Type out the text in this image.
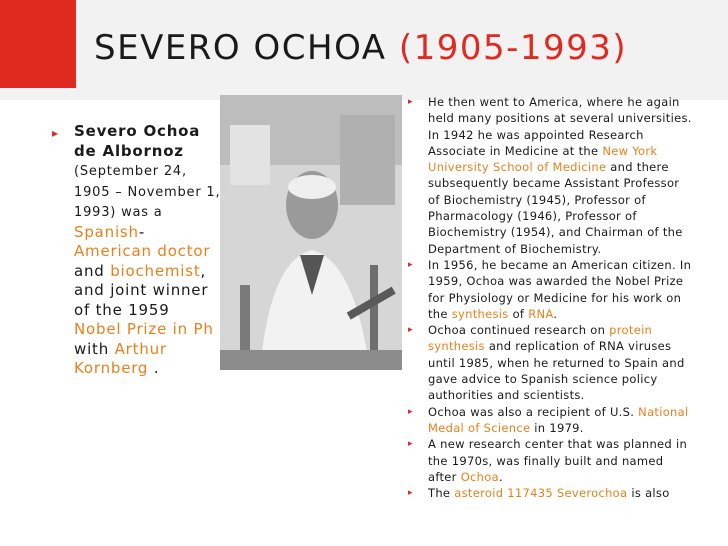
SEVERO OCHOA (1905-1993)
▸ Severo Ochoa de Albornoz (September 24, 1905 – November 1, 1993) was a Spanish-American doctor and biochemist, and joint winner of the 1959 Nobel Prize in Ph with Arthur Kornberg .
▸ He then went to America, where he again held many positions at several universities. In 1942 he was appointed Research Associate in Medicine at the New York University School of Medicine and there subsequently became Assistant Professor of Biochemistry (1945), Professor of Pharmacology (1946), Professor of Biochemistry (1954), and Chairman of the Department of Biochemistry.
▸ In 1956, he became an American citizen. In 1959, Ochoa was awarded the Nobel Prize for Physiology or Medicine for his work on the synthesis of RNA.
▸ Ochoa continued research on protein synthesis and replication of RNA viruses until 1985, when he returned to Spain and gave advice to Spanish science policy authorities and scientists.
▸ Ochoa was also a recipient of U.S. National Medal of Science in 1979.
▸ A new research center that was planned in the 1970s, was finally built and named after Ochoa.
▸ The asteroid 117435 Severochoa is also
